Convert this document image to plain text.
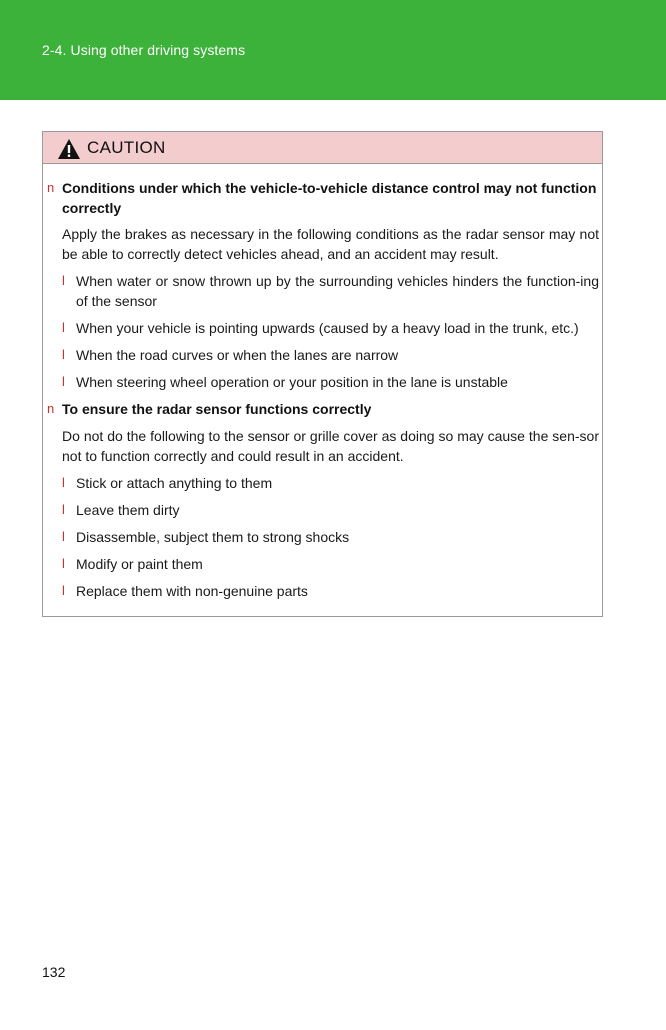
2-4. Using other driving systems
CAUTION
n Conditions under which the vehicle-to-vehicle distance control may not function correctly
Apply the brakes as necessary in the following conditions as the radar sensor may not be able to correctly detect vehicles ahead, and an accident may result.
l When water or snow thrown up by the surrounding vehicles hinders the function-ing of the sensor
l When your vehicle is pointing upwards (caused by a heavy load in the trunk, etc.)
l When the road curves or when the lanes are narrow
l When steering wheel operation or your position in the lane is unstable
n To ensure the radar sensor functions correctly
Do not do the following to the sensor or grille cover as doing so may cause the sen-sor not to function correctly and could result in an accident.
l Stick or attach anything to them
l Leave them dirty
l Disassemble, subject them to strong shocks
l Modify or paint them
l Replace them with non-genuine parts
132
